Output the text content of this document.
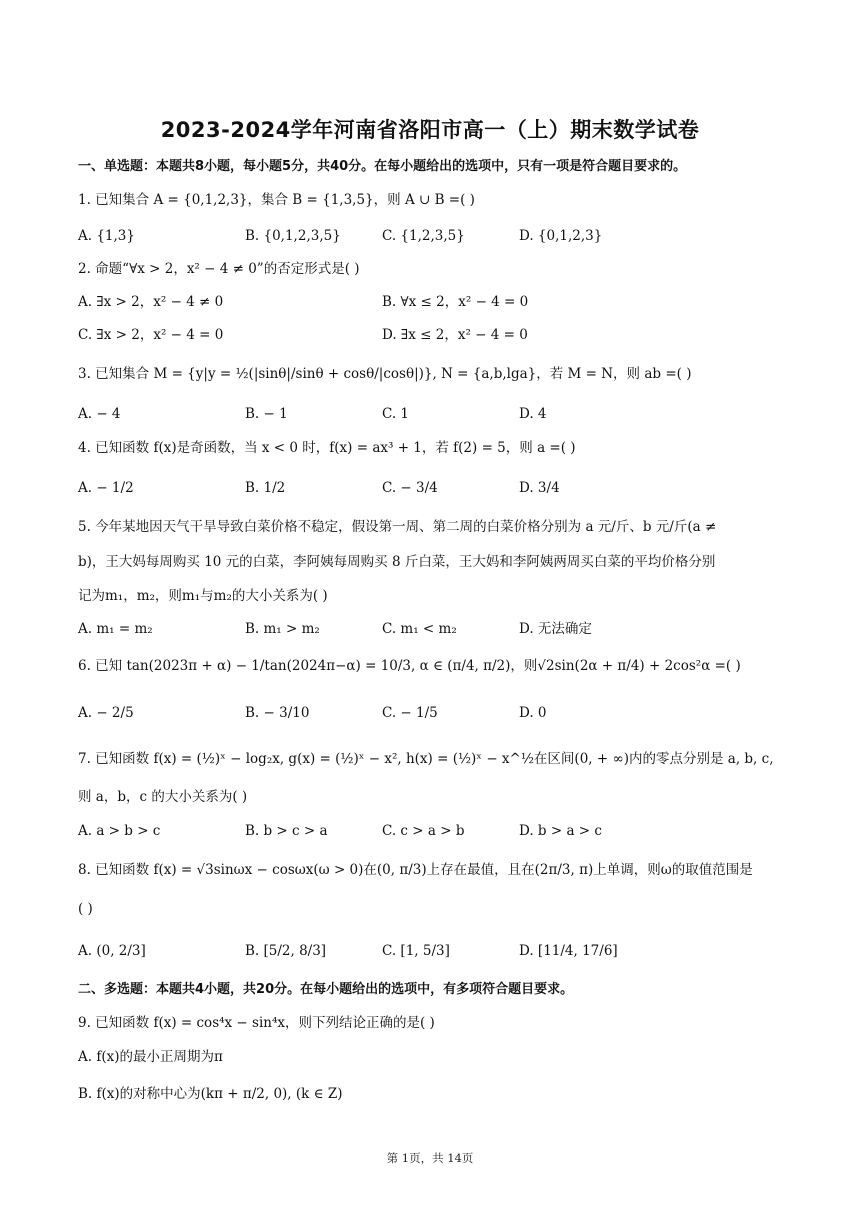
2023-2024学年河南省洛阳市高一（上）期末数学试卷
一、单选题：本题共8小题，每小题5分，共40分。在每小题给出的选项中，只有一项是符合题目要求的。
1. 已知集合 A = {0,1,2,3}，集合 B = {1,3,5}，则 A ∪ B =( )
A. {1,3}	B. {0,1,2,3,5}	C. {1,2,3,5}	D. {0,1,2,3}
2. 命题“∀x > 2，x² − 4 ≠ 0”的否定形式是( )
A. ∃x > 2，x² − 4 ≠ 0	B. ∀x ≤ 2，x² − 4 = 0
C. ∃x > 2，x² − 4 = 0	D. ∃x ≤ 2，x² − 4 = 0
3. 已知集合 M = {y|y = ½(|sinθ|/sinθ + cosθ/|cosθ|)}, N = {a,b,lga}，若 M = N，则 ab =( )
A. − 4	B. − 1	C. 1	D. 4
4. 已知函数 f(x)是奇函数，当 x < 0 时，f(x) = ax³ + 1，若 f(2) = 5，则 a =( )
A. − 1/2	B. 1/2	C. − 3/4	D. 3/4
5. 今年某地因天气干旱导致白菜价格不稳定，假设第一周、第二周的白菜价格分别为 a 元/斤、b 元/斤(a ≠
b)，王大妈每周购买 10 元的白菜，李阿姨每周购买 8 斤白菜，王大妈和李阿姨两周买白菜的平均价格分别
记为m₁，m₂，则m₁与m₂的大小关系为( )
A. m₁ = m₂	B. m₁ > m₂	C. m₁ < m₂	D. 无法确定
6. 已知 tan(2023π + α) − 1/tan(2024π−α) = 10/3, α ∈ (π/4, π/2)，则√2sin(2α + π/4) + 2cos²α =( )
A. − 2/5	B. − 3/10	C. − 1/5	D. 0
7. 已知函数 f(x) = (½)ˣ − log₂x, g(x) = (½)ˣ − x², h(x) = (½)ˣ − x^½在区间(0, + ∞)内的零点分别是 a, b, c,
则 a，b，c 的大小关系为( )
A. a > b > c	B. b > c > a	C. c > a > b	D. b > a > c
8. 已知函数 f(x) = √3sinωx − cosωx(ω > 0)在(0, π/3)上存在最值，且在(2π/3, π)上单调，则ω的取值范围是
( )
A. (0, 2/3]	B. [5/2, 8/3]	C. [1, 5/3]	D. [11/4, 17/6]
二、多选题：本题共4小题，共20分。在每小题给出的选项中，有多项符合题目要求。
9. 已知函数 f(x) = cos⁴x − sin⁴x，则下列结论正确的是( )
A. f(x)的最小正周期为π
B. f(x)的对称中心为(kπ + π/2, 0), (k ∈ Z)
第 1页，共 14页
